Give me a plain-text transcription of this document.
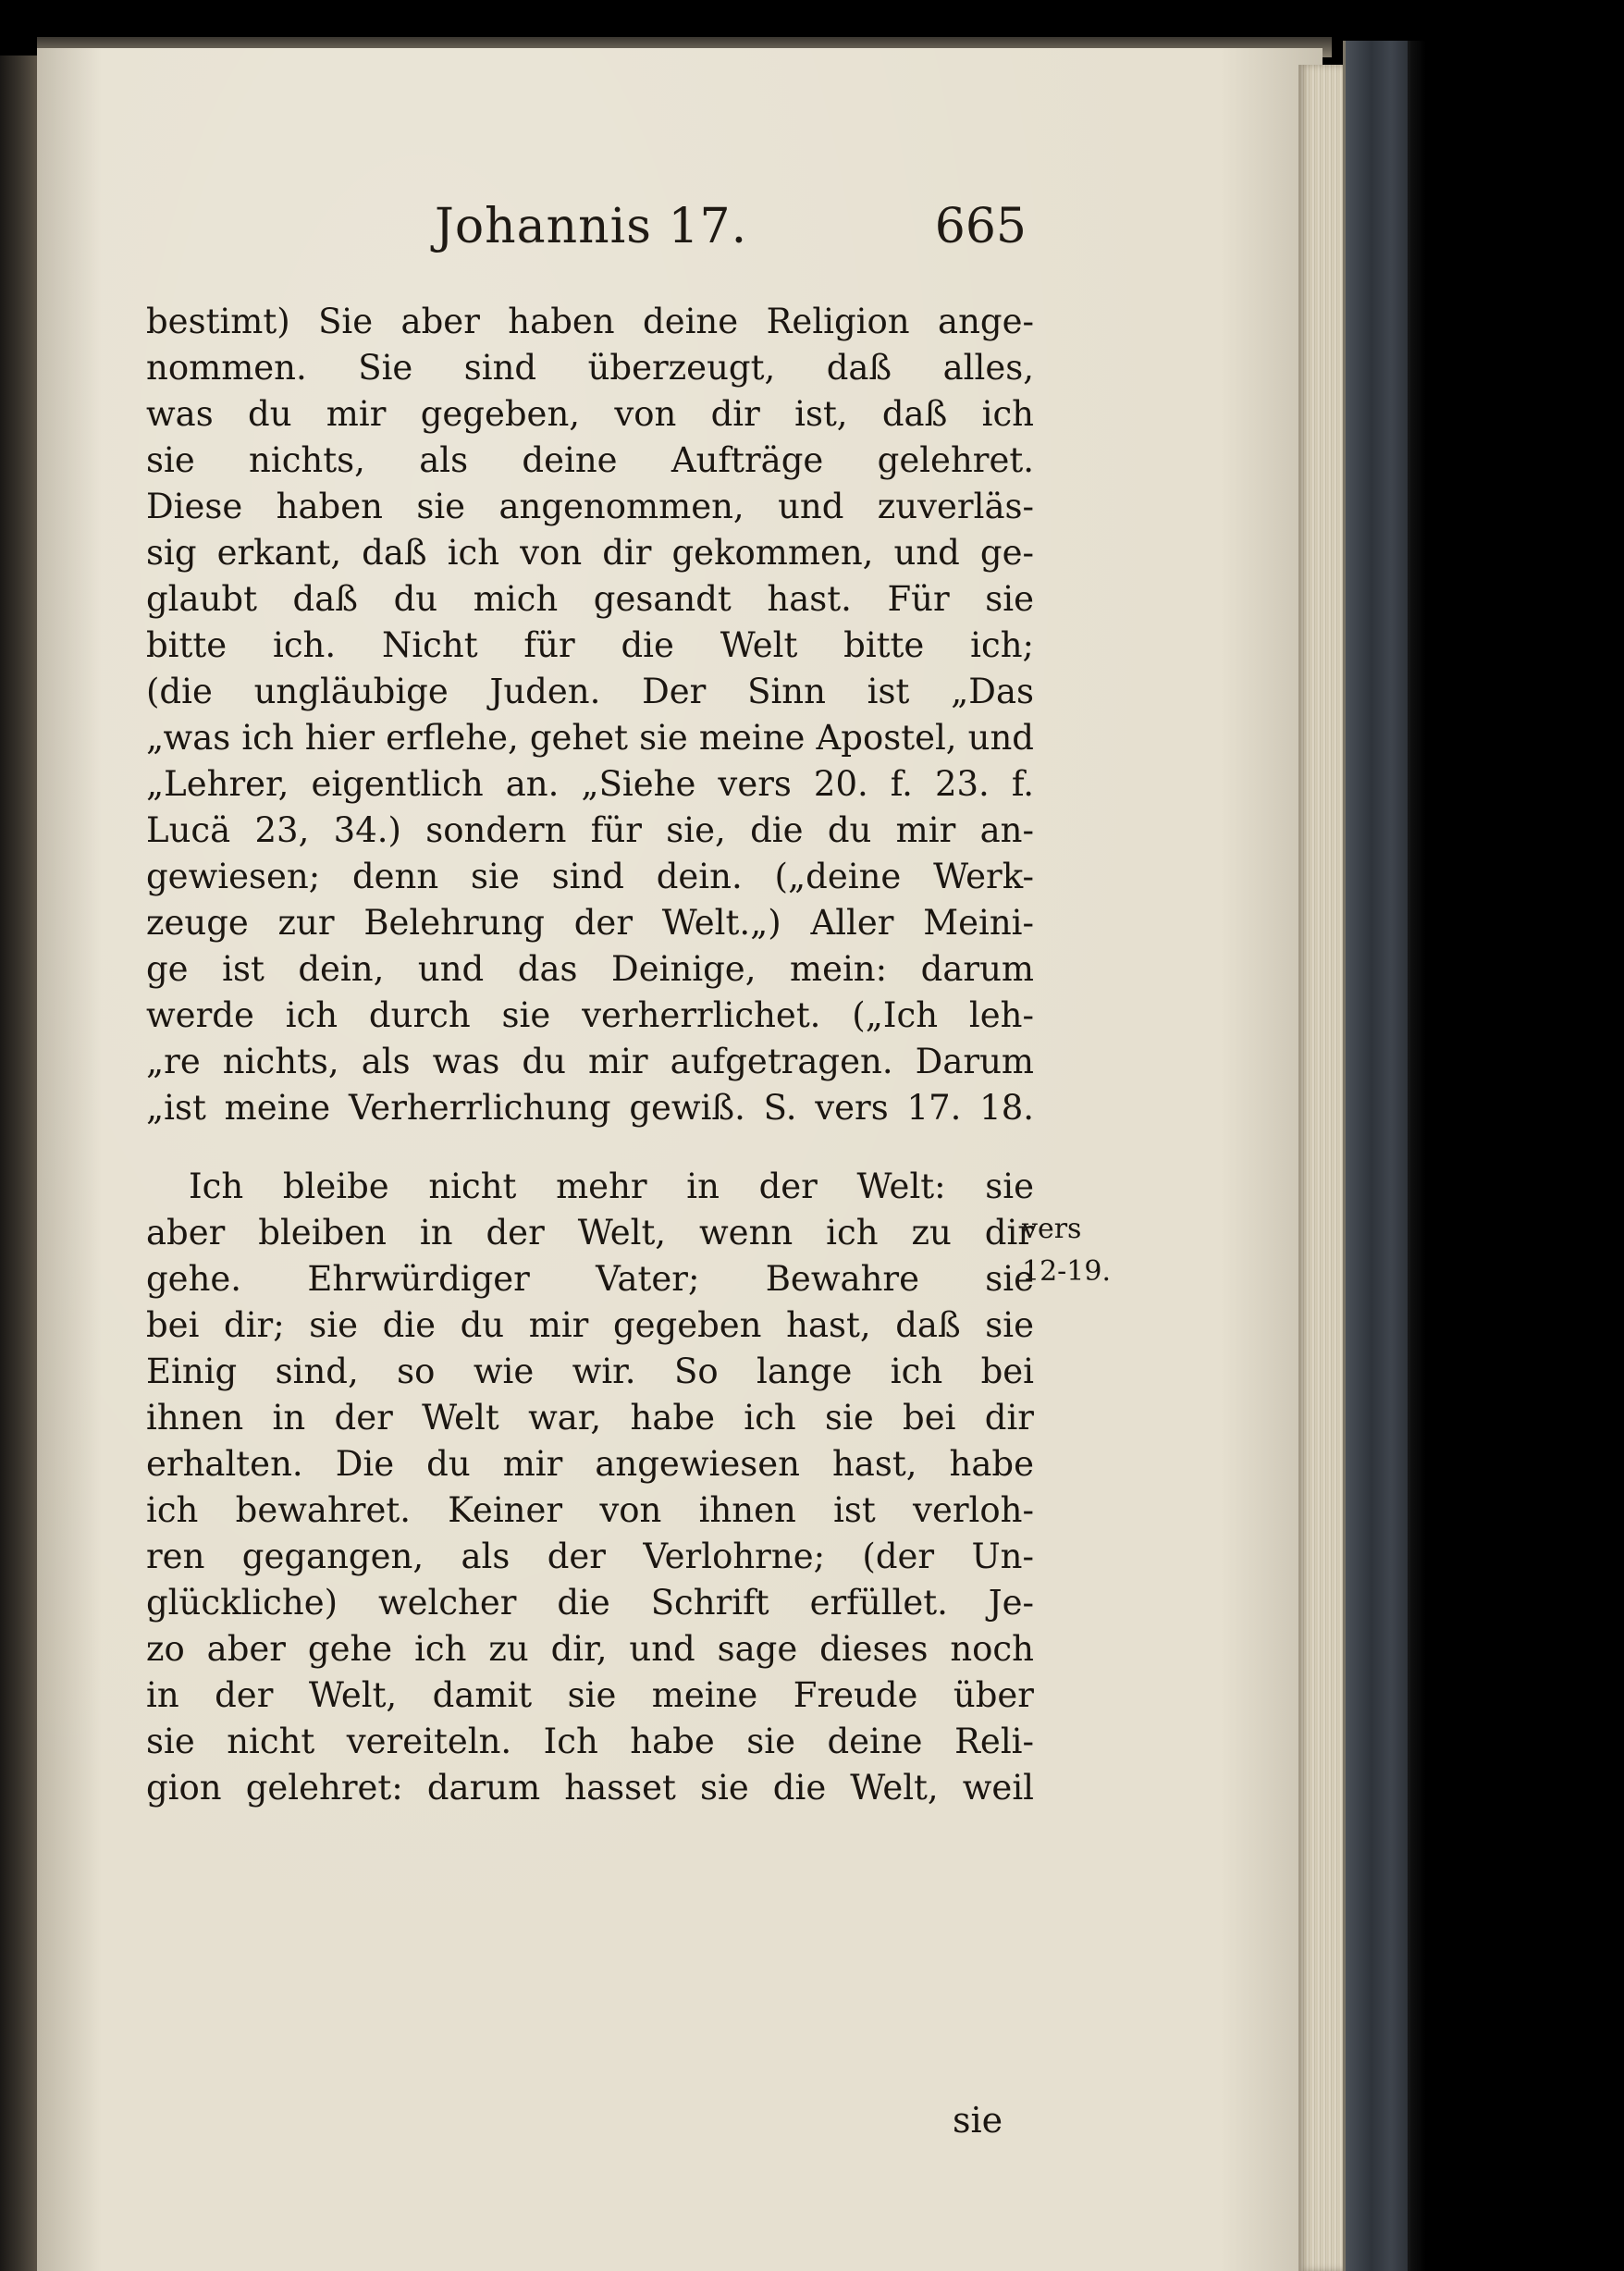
Johannis 17.	665
bestimt) Sie aber haben deine Religion ange-
nommen. Sie sind überzeugt, daß alles,
was du mir gegeben, von dir ist, daß ich
sie nichts, als deine Aufträge gelehret.
Diese haben sie angenommen, und zuverläs-
sig erkant, daß ich von dir gekommen, und ge-
glaubt daß du mich gesandt hast. Für sie
bitte ich. Nicht für die Welt bitte ich;
(die ungläubige Juden. Der Sinn ist „Das
„was ich hier erflehe, gehet sie meine Apostel, und
„Lehrer, eigentlich an. „Siehe vers 20. f. 23. f.
Lucä 23, 34.) sondern für sie, die du mir an-
gewiesen; denn sie sind dein. („deine Werk-
zeuge zur Belehrung der Welt.„) Aller Meini-
ge ist dein, und das Deinige, mein: darum
werde ich durch sie verherrlichet. („Ich leh-
„re nichts, als was du mir aufgetragen. Darum
„ist meine Verherrlichung gewiß. S. vers 17. 18.
Ich bleibe nicht mehr in der Welt: sie
aber bleiben in der Welt, wenn ich zu dir
gehe. Ehrwürdiger Vater; Bewahre sie
bei dir; sie die du mir gegeben hast, daß sie
Einig sind, so wie wir. So lange ich bei
ihnen in der Welt war, habe ich sie bei dir
erhalten. Die du mir angewiesen hast, habe
ich bewahret. Keiner von ihnen ist verloh-
ren gegangen, als der Verlohrne; (der Un-
glückliche) welcher die Schrift erfüllet. Je-
zo aber gehe ich zu dir, und sage dieses noch
in der Welt, damit sie meine Freude über
sie nicht vereiteln. Ich habe sie deine Reli-
gion gelehret: darum hasset sie die Welt, weil
vers
12-19.
sie
